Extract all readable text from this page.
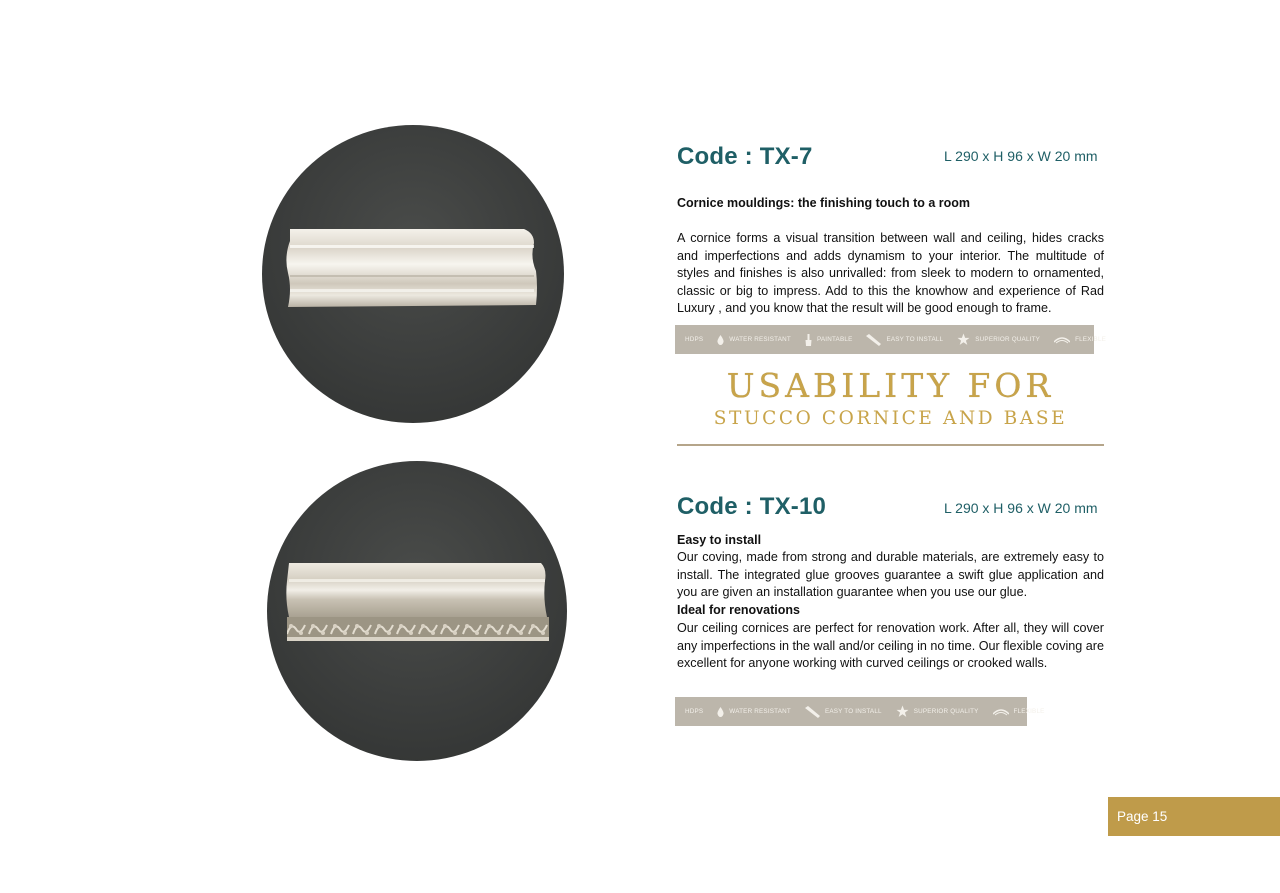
Code : TX-7	L 290 x H 96 x W 20 mm
Cornice mouldings: the finishing touch to a room

A cornice forms a visual transition between wall and ceiling, hides cracks and imperfections and adds dynamism to your interior. The multitude of styles and finishes is also unrivalled: from sleek to modern to ornamented, classic or big to impress. Add to this the knowhow and experience of Rad Luxury , and you know that the result will be good enough to frame.

HDPS	WATER RESISTANT	PAINTABLE	EASY TO INSTALL	SUPERIOR QUALITY	FLEXIBLE
USABILITY FOR
STUCCO CORNICE AND BASE
Code : TX-10	L 290 x H 96 x W 20 mm
Easy to install

Our coving, made from strong and durable materials, are extremely easy to install. The integrated glue grooves guarantee a swift glue application and you are given an installation guarantee when you use our glue.

Ideal for renovations

Our ceiling cornices are perfect for renovation work. After all, they will cover any imperfections in the wall and/or ceiling in no time. Our flexible coving are excellent for anyone working with curved ceilings or crooked walls.

HDPS	WATER RESISTANT	EASY TO INSTALL	SUPERIOR QUALITY	FLEXIBLE
Page 15
